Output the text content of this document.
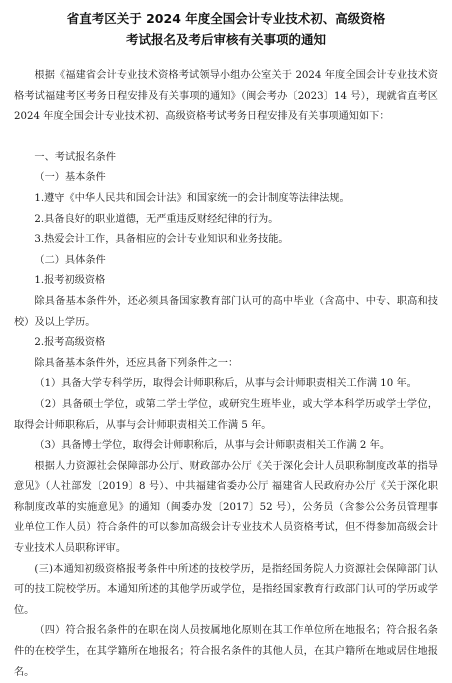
省直考区关于 2024 年度全国会计专业技术初、高级资格
考试报名及考后审核有关事项的通知

根据《福建省会计专业技术资格考试领导小组办公室关于 2024 年度全国会计专业技术资格考试福建考区考务日程安排及有关事项的通知》（闽会考办〔2023〕14 号），现就省直考区 2024 年度全国会计专业技术初、高级资格考试考务日程安排及有关事项通知如下：

一、考试报名条件

（一）基本条件

1.遵守《中华人民共和国会计法》和国家统一的会计制度等法律法规。

2.具备良好的职业道德，无严重违反财经纪律的行为。

3.热爱会计工作，具备相应的会计专业知识和业务技能。

（二）具体条件

1.报考初级资格

除具备基本条件外，还必须具备国家教育部门认可的高中毕业（含高中、中专、职高和技校）及以上学历。

2.报考高级资格

除具备基本条件外，还应具备下列条件之一：

（1）具备大学专科学历，取得会计师职称后，从事与会计师职责相关工作满 10 年。

（2）具备硕士学位，或第二学士学位，或研究生班毕业，或大学本科学历或学士学位，取得会计师职称后，从事与会计师职责相关工作满 5 年。

（3）具备博士学位，取得会计师职称后，从事与会计师职责相关工作满 2 年。

根据人力资源社会保障部办公厅、财政部办公厅《关于深化会计人员职称制度改革的指导意见》（人社部发〔2019〕8 号）、中共福建省委办公厅 福建省人民政府办公厅《关于深化职称制度改革的实施意见》的通知（闽委办发〔2017〕52 号），公务员（含参公公务员管理事业单位工作人员）符合条件的可以参加高级会计专业技术人员资格考试，但不得参加高级会计专业技术人员职称评审。

(三)本通知初级资格报考条件中所述的技校学历，是指经国务院人力资源社会保障部门认可的技工院校学历。本通知所述的其他学历或学位，是指经国家教育行政部门认可的学历或学位。

（四）符合报名条件的在职在岗人员按属地化原则在其工作单位所在地报名；符合报名条件的在校学生，在其学籍所在地报名；符合报名条件的其他人员，在其户籍所在地或居住地报名。
